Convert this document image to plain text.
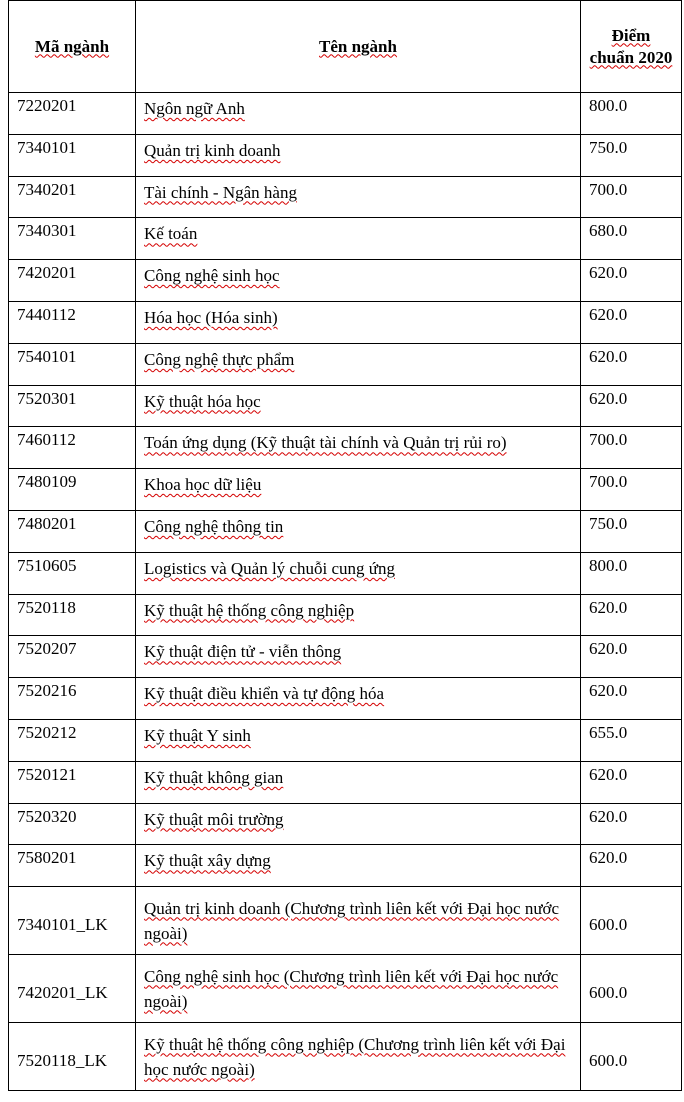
Mã ngành	Tên ngành	Điểm chuẩn 2020
7220201	Ngôn ngữ Anh	800.0
7340101	Quản trị kinh doanh	750.0
7340201	Tài chính - Ngân hàng	700.0
7340301	Kế toán	680.0
7420201	Công nghệ sinh học	620.0
7440112	Hóa học (Hóa sinh)	620.0
7540101	Công nghệ thực phẩm	620.0
7520301	Kỹ thuật hóa học	620.0
7460112	Toán ứng dụng (Kỹ thuật tài chính và Quản trị rủi ro)	700.0
7480109	Khoa học dữ liệu	700.0
7480201	Công nghệ thông tin	750.0
7510605	Logistics và Quản lý chuỗi cung ứng	800.0
7520118	Kỹ thuật hệ thống công nghiệp	620.0
7520207	Kỹ thuật điện tử - viễn thông	620.0
7520216	Kỹ thuật điều khiển và tự động hóa	620.0
7520212	Kỹ thuật Y sinh	655.0
7520121	Kỹ thuật không gian	620.0
7520320	Kỹ thuật môi trường	620.0
7580201	Kỹ thuật xây dựng	620.0
7340101_LK	Quản trị kinh doanh (Chương trình liên kết với Đại học nước ngoài)	600.0
7420201_LK	Công nghệ sinh học (Chương trình liên kết với Đại học nước ngoài)	600.0
7520118_LK	Kỹ thuật hệ thống công nghiệp (Chương trình liên kết với Đại học nước ngoài)	600.0
